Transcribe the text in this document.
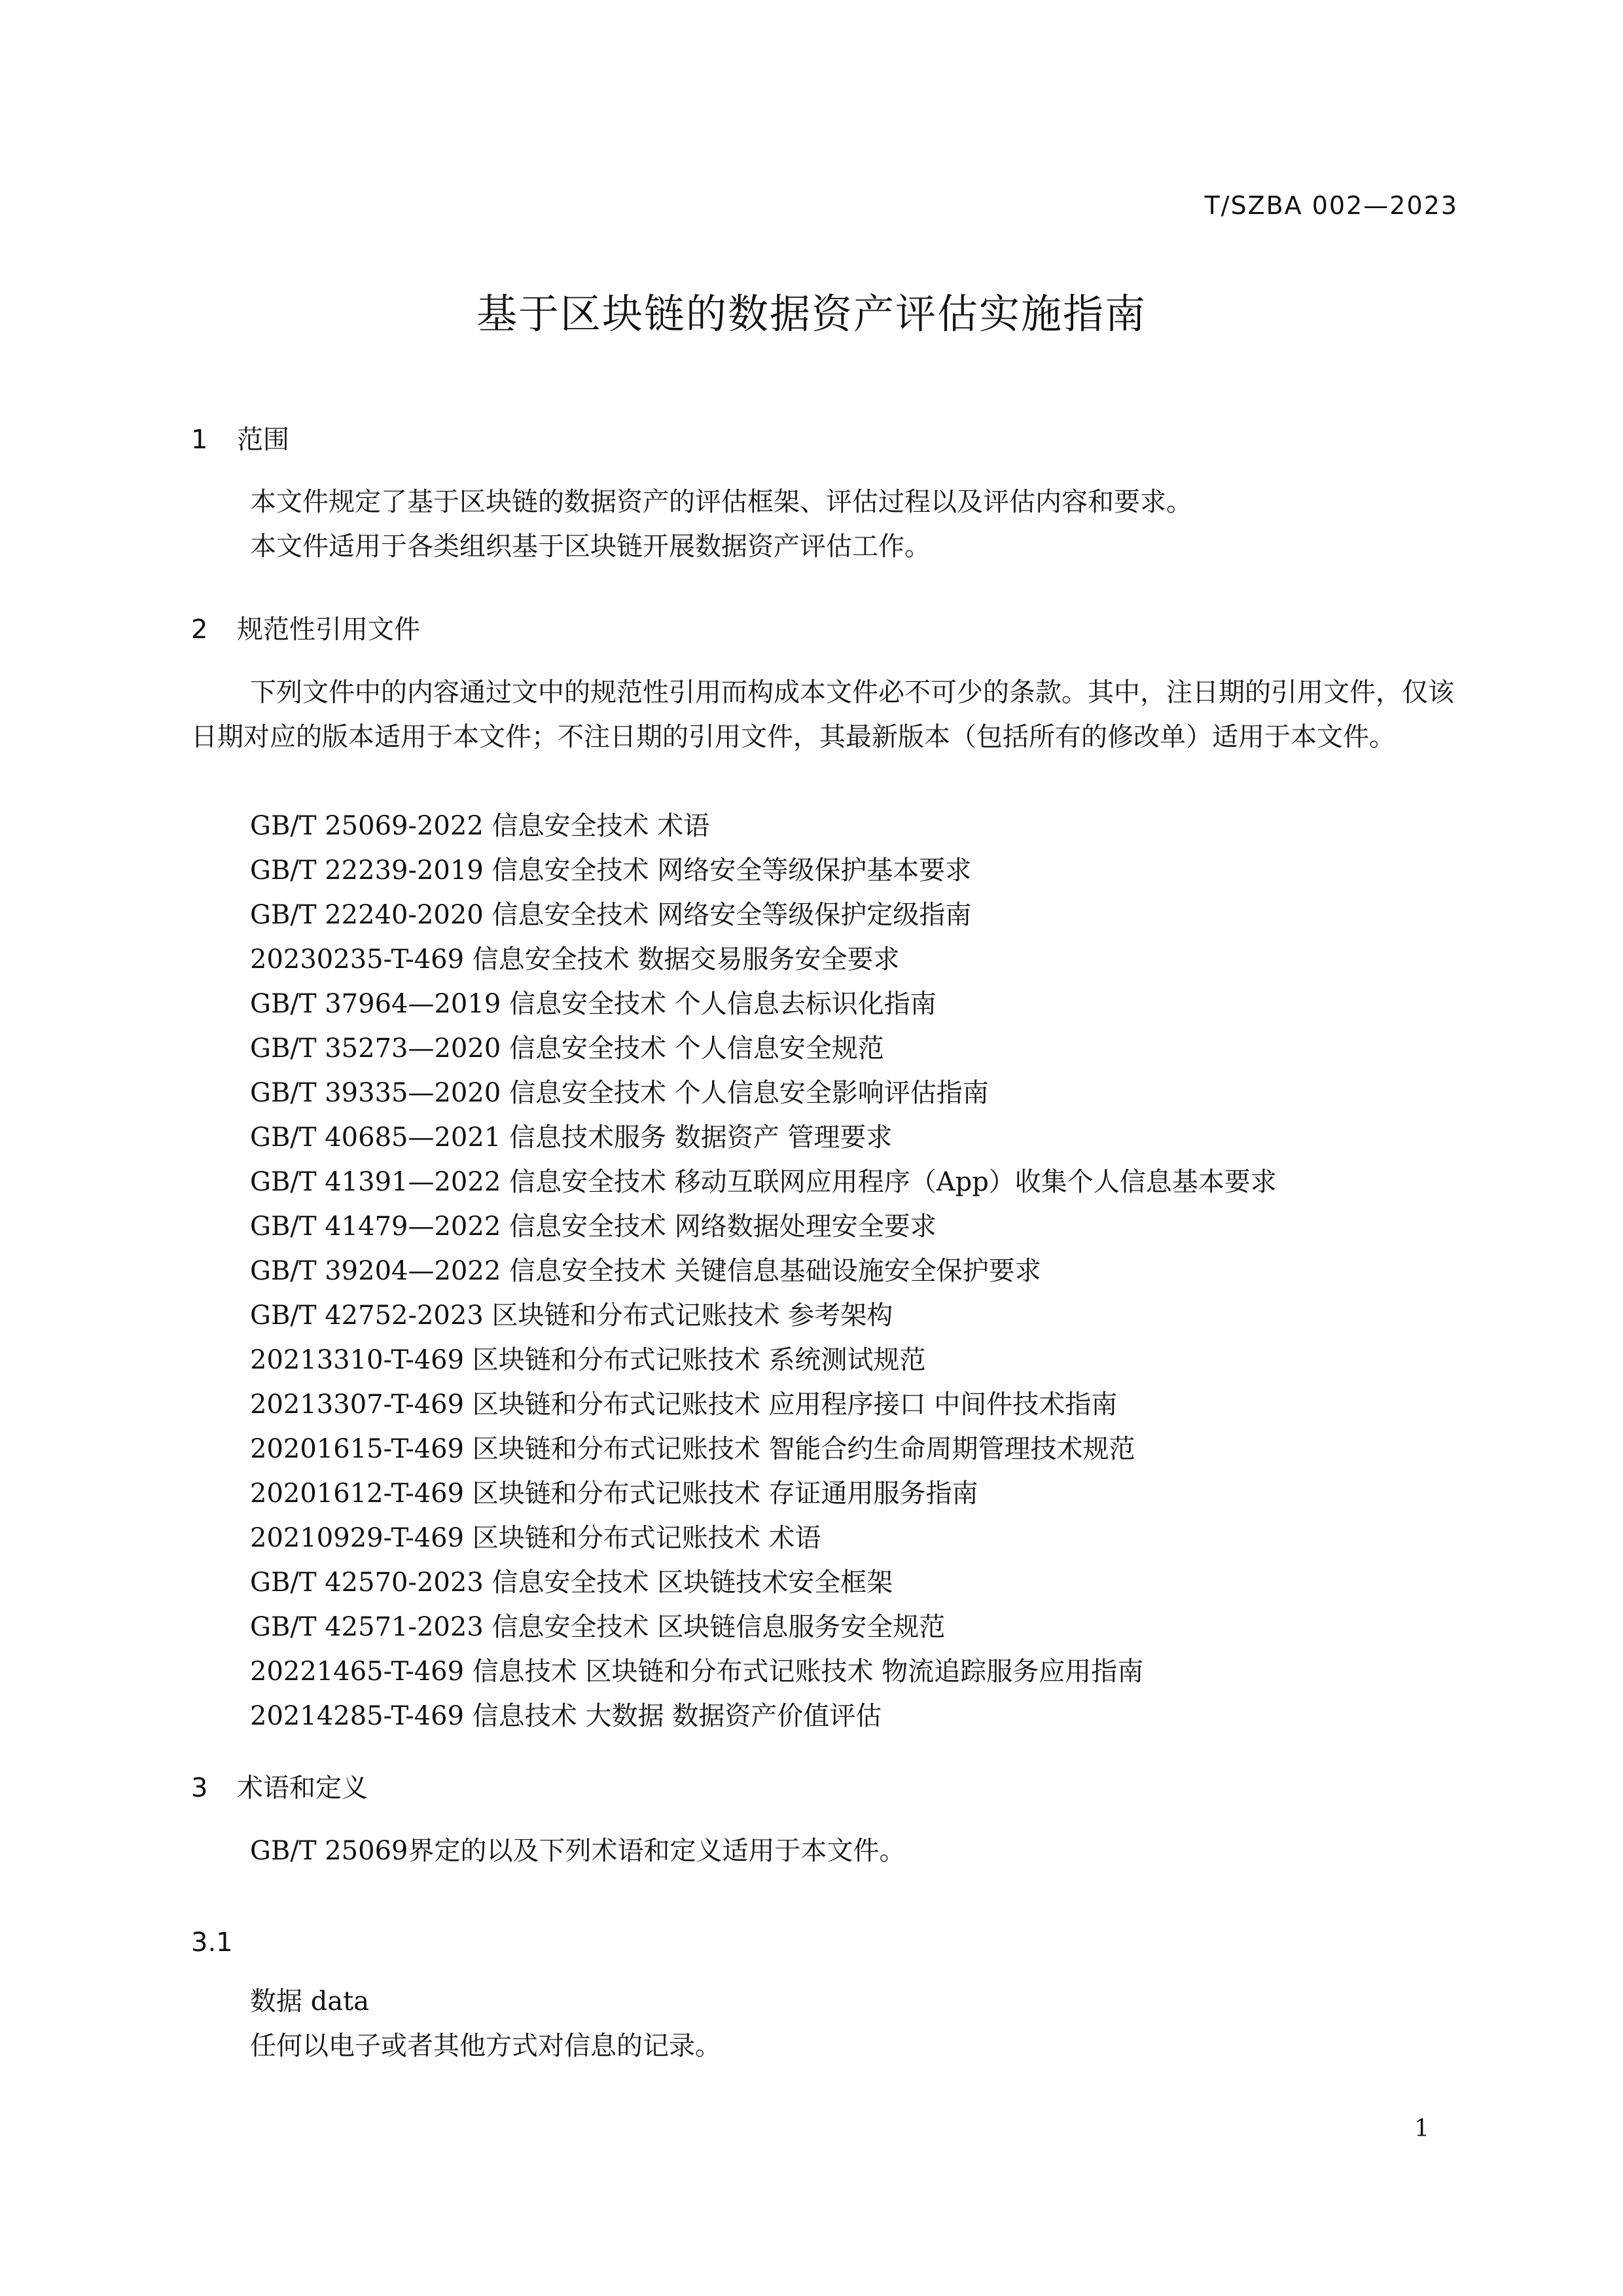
T/SZBA 002—2023
基于区块链的数据资产评估实施指南
1 范围
本文件规定了基于区块链的数据资产的评估框架、评估过程以及评估内容和要求。
本文件适用于各类组织基于区块链开展数据资产评估工作。
2 规范性引用文件
下列文件中的内容通过文中的规范性引用而构成本文件必不可少的条款。其中，注日期的引用文件，仅该日期对应的版本适用于本文件；不注日期的引用文件，其最新版本（包括所有的修改单）适用于本文件。
GB/T 25069-2022 信息安全技术 术语
GB/T 22239-2019 信息安全技术 网络安全等级保护基本要求
GB/T 22240-2020 信息安全技术 网络安全等级保护定级指南
20230235-T-469 信息安全技术 数据交易服务安全要求
GB/T 37964—2019 信息安全技术 个人信息去标识化指南
GB/T 35273—2020 信息安全技术 个人信息安全规范
GB/T 39335—2020 信息安全技术 个人信息安全影响评估指南
GB/T 40685—2021 信息技术服务 数据资产 管理要求
GB/T 41391—2022 信息安全技术 移动互联网应用程序（App）收集个人信息基本要求
GB/T 41479—2022 信息安全技术 网络数据处理安全要求
GB/T 39204—2022 信息安全技术 关键信息基础设施安全保护要求
GB/T 42752-2023 区块链和分布式记账技术 参考架构
20213310-T-469 区块链和分布式记账技术 系统测试规范
20213307-T-469 区块链和分布式记账技术 应用程序接口 中间件技术指南
20201615-T-469 区块链和分布式记账技术 智能合约生命周期管理技术规范
20201612-T-469 区块链和分布式记账技术 存证通用服务指南
20210929-T-469 区块链和分布式记账技术 术语
GB/T 42570-2023 信息安全技术 区块链技术安全框架
GB/T 42571-2023 信息安全技术 区块链信息服务安全规范
20221465-T-469 信息技术 区块链和分布式记账技术 物流追踪服务应用指南
20214285-T-469 信息技术 大数据 数据资产价值评估
3 术语和定义
GB/T 25069界定的以及下列术语和定义适用于本文件。
3.1
数据 data
任何以电子或者其他方式对信息的记录。
1
